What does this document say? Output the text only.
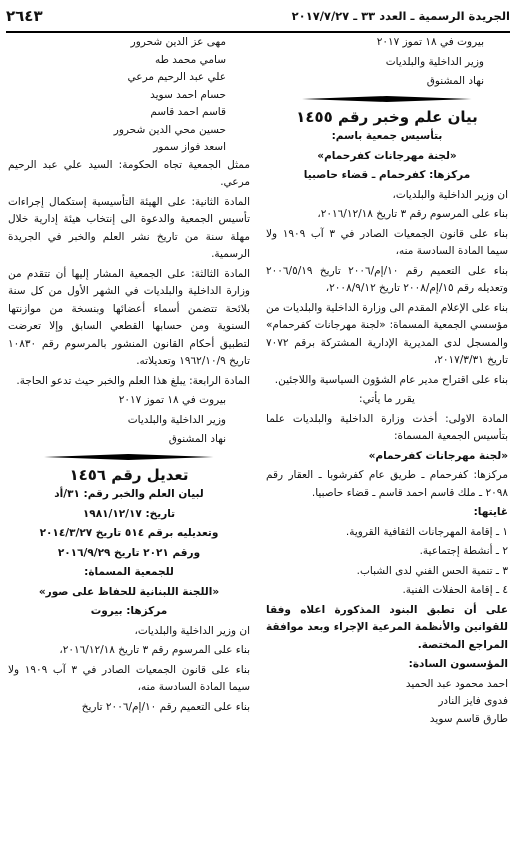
الجريدة الرسمية ـ العدد ٣٣ ـ ٢٠١٧/٧/٢٧
٢٦٤٣

بيروت في ١٨ تموز ٢٠١٧

وزير الداخلية والبلديات

نهاد المشنوق

بيان علم وخبر رقم ١٤٥٥

بتأسيس جمعية باسم:

«لجنة مهرجانات كفرحمام»

مركزها: كفرحمام ـ قضاء حاصبيا

ان وزير الداخلية والبلديات،

بناء على المرسوم رقم ٣ تاريخ ٢٠١٦/١٢/١٨،

بناء على قانون الجمعيات الصادر في ٣ آب ١٩٠٩ ولا سيما المادة السادسة منه،

بناء على التعميم رقم ١٠/إم/٢٠٠٦ تاريخ ٢٠٠٦/٥/١٩ وتعديله رقم ١٥/إم/٢٠٠٨ تاريخ ٢٠٠٨/٩/١٢،

بناء على الإعلام المقدم الى وزارة الداخلية والبلديات من مؤسسي الجمعية المسماة: «لجنة مهرجانات كفرحمام» والمسجل لدى المديرية الإدارية المشتركة برقم ٧٠٧٢ تاريخ ٢٠١٧/٣/٣١،

بناء على اقتراح مدير عام الشؤون السياسية واللاجئين.

يقرر ما يأتي:

المادة الاولى: أخذت وزارة الداخلية والبلديات علما بتأسيس الجمعية المسماة:

«لجنة مهرجانات كفرحمام»

مركزها: كفرحمام ـ طريق عام كفرشوبا ـ العقار رقم ٢٠٩٨ ـ ملك قاسم احمد قاسم ـ قضاء حاصبيا.

غايتها:

١ ـ إقامة المهرجانات الثقافية القروية.

٢ ـ أنشطة إجتماعية.

٣ ـ تنمية الحس الفني لدى الشباب.

٤ ـ إقامة الحفلات الفنية.

على أن تطبق البنود المذكورة اعلاه وفقا للقوانين والأنظمة المرعية الإجراء وبعد موافقة المراجع المختصة.

المؤسسون السادة:

احمد محمود عبد الحميد

فدوى فايز النادر

طارق قاسم سويد

مهى عز الدين شحرور

سامي محمد طه

علي عبد الرحيم مرعي

حسام احمد سويد

قاسم احمد قاسم

حسين محي الدين شحرور

اسعد فواز سمور

ممثل الجمعية تجاه الحكومة: السيد علي عبد الرحيم مرعي.

المادة الثانية: على الهيئة التأسيسية إستكمال إجراءات تأسيس الجمعية والدعوة الى إنتخاب هيئة إدارية خلال مهلة سنة من تاريخ نشر العلم والخبر في الجريدة الرسمية.

المادة الثالثة: على الجمعية المشار إليها أن تتقدم من وزارة الداخلية والبلديات في الشهر الأول من كل سنة بلائحة تتضمن أسماء أعضائها وبنسخة من موازنتها السنوية ومن حسابها القطعي السابق وإلا تعرضت لتطبيق أحكام القانون المنشور بالمرسوم رقم ١٠٨٣٠ تاريخ ١٩٦٢/١٠/٩ وتعديلاته.

المادة الرابعة: يبلغ هذا العلم والخبر حيث تدعو الحاجة.

بيروت في ١٨ تموز ٢٠١٧

وزير الداخلية والبلديات

نهاد المشنوق

تعديل رقم ١٤٥٦

لبيان العلم والخبر رقم: ٣١/أد

تاريخ: ١٩٨١/١٢/١٧

وتعديليه برقم ٥١٤ تاريخ ٢٠١٤/٣/٢٧

ورقم ٢٠٢١ تاريخ ٢٠١٦/٩/٢٩

للجمعية المسماة:

«اللجنة اللبنانية للحفاظ على صور»

مركزها: بيروت

ان وزير الداخلية والبلديات،

بناء على المرسوم رقم ٣ تاريخ ٢٠١٦/١٢/١٨،

بناء على قانون الجمعيات الصادر في ٣ آب ١٩٠٩ ولا سيما المادة السادسة منه،

بناء على التعميم رقم ١٠/إم/٢٠٠٦ تاريخ
